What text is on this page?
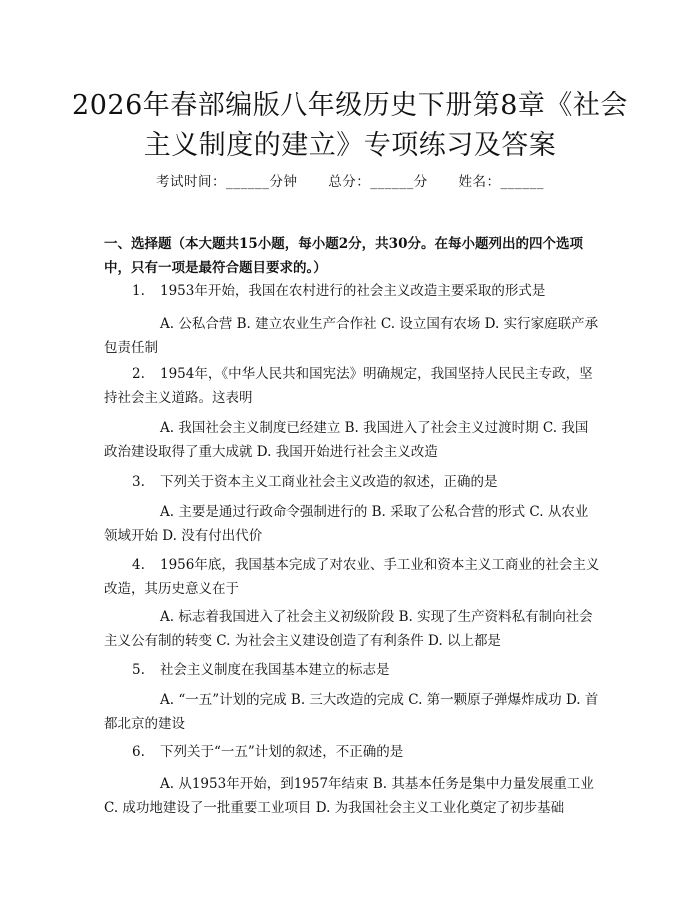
2026年春部编版八年级历史下册第8章《社会主义制度的建立》专项练习及答案
考试时间：______分钟 总分：______分 姓名：______
一、选择题（本大题共15小题，每小题2分，共30分。在每小题列出的四个选项中，只有一项是最符合题目要求的。）
1. 1953年开始，我国在农村进行的社会主义改造主要采取的形式是
A. 公私合营 B. 建立农业生产合作社 C. 设立国有农场 D. 实行家庭联产承包责任制
2. 1954年，《中华人民共和国宪法》明确规定，我国坚持人民民主专政，坚持社会主义道路。这表明
A. 我国社会主义制度已经建立 B. 我国进入了社会主义过渡时期 C. 我国政治建设取得了重大成就 D. 我国开始进行社会主义改造
3. 下列关于资本主义工商业社会主义改造的叙述，正确的是
A. 主要是通过行政命令强制进行的 B. 采取了公私合营的形式 C. 从农业领域开始 D. 没有付出代价
4. 1956年底，我国基本完成了对农业、手工业和资本主义工商业的社会主义改造，其历史意义在于
A. 标志着我国进入了社会主义初级阶段 B. 实现了生产资料私有制向社会主义公有制的转变 C. 为社会主义建设创造了有利条件 D. 以上都是
5. 社会主义制度在我国基本建立的标志是
A. “一五”计划的完成 B. 三大改造的完成 C. 第一颗原子弹爆炸成功 D. 首都北京的建设
6. 下列关于“一五”计划的叙述，不正确的是
A. 从1953年开始，到1957年结束 B. 其基本任务是集中力量发展重工业 C. 成功地建设了一批重要工业项目 D. 为我国社会主义工业化奠定了初步基础
